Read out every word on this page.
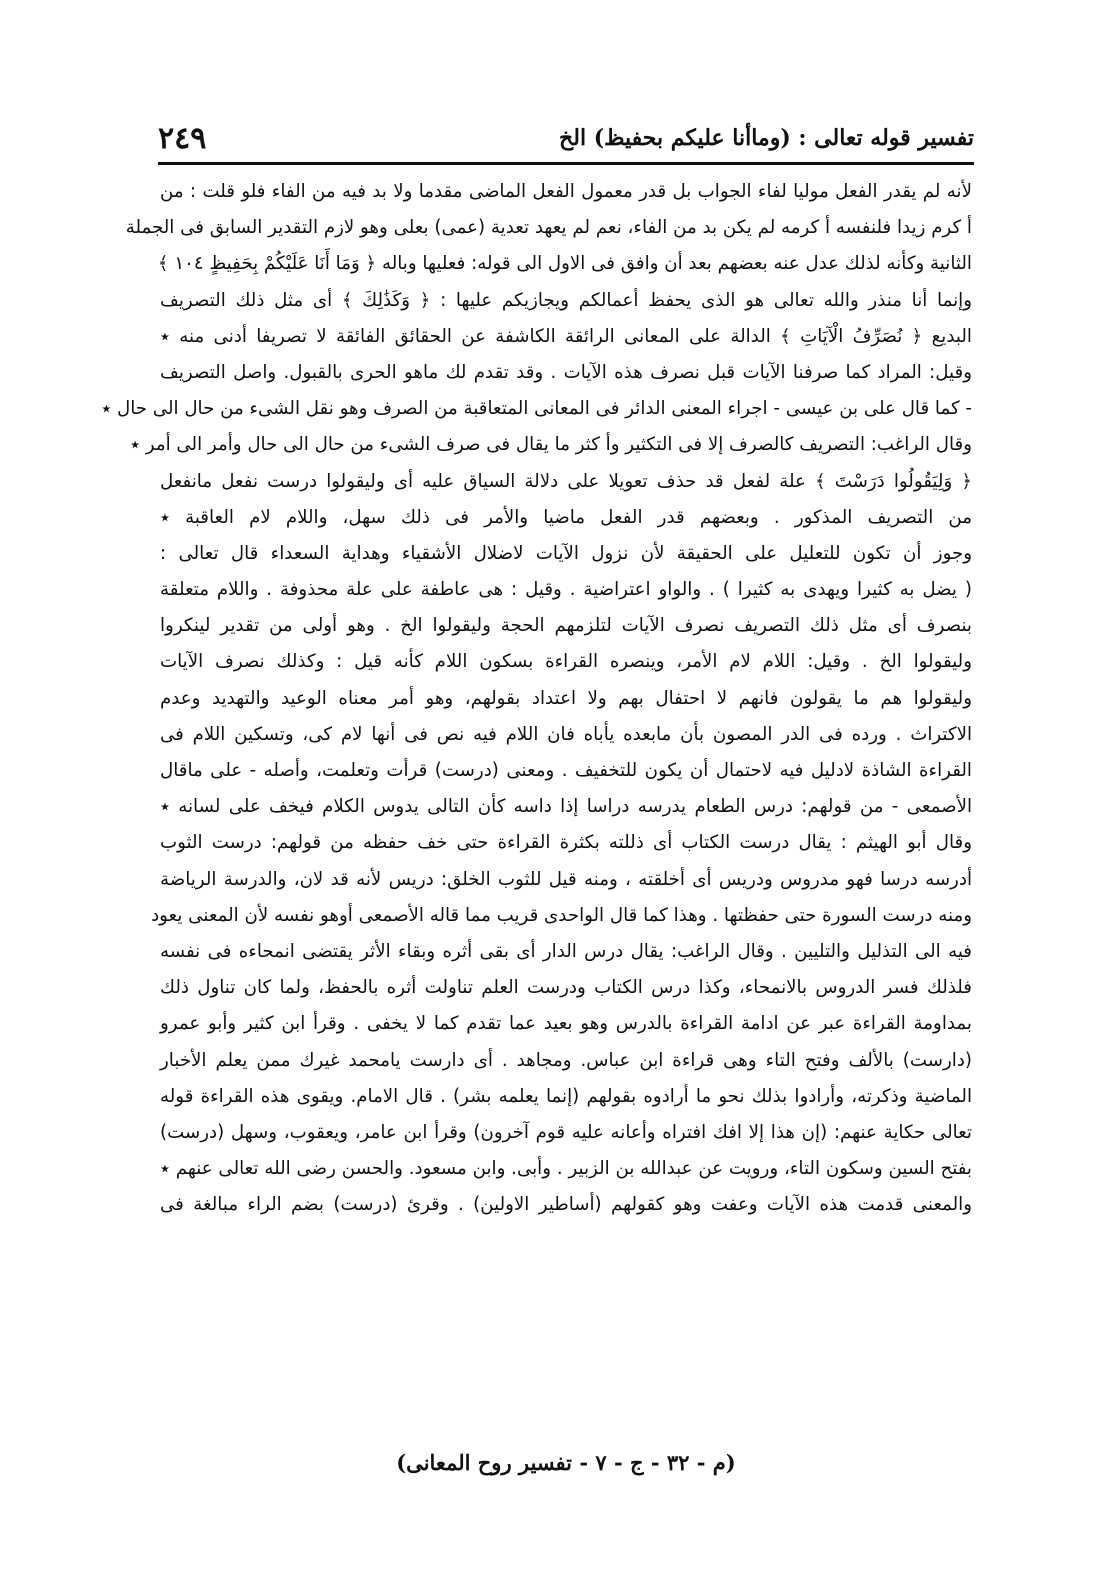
تفسير قوله تعالى : (وماأنا عليكم بحفيظ) الخ
٢٤٩
لأنه لم يقدر الفعل موليا لفاء الجواب بل قدر معمول الفعل الماضى مقدما ولا بد فيه من الفاء فلو قلت : من
أ كرم زيدا فلنفسه أ كرمه لم يكن بد من الفاء، نعم لم يعهد تعدية (عمى) بعلى وهو لازم التقدير السابق فى الجملة
الثانية وكأنه لذلك عدل عنه بعضهم بعد أن وافق فى الاول الى قوله: فعليها وباله ﴿ وَمَا أَنَا عَلَيْكُمْ بِحَفِيظٍ ١٠٤ ﴾
وإنما أنا منذر والله تعالى هو الذى يحفظ أعمالكم ويجازيكم عليها : ﴿ وَكَذَٰلِكَ ﴾ أى مثل ذلك التصريف
البديع ﴿ نُصَرِّفُ الْآيَاتِ ﴾ الدالة على المعانى الرائقة الكاشفة عن الحقائق الفائقة لا تصريفا أدنى منه ٭
وقيل: المراد كما صرفنا الآيات قبل نصرف هذه الآيات . وقد تقدم لك ماهو الحرى بالقبول. واصل التصريف
- كما قال على بن عيسى - اجراء المعنى الدائر فى المعانى المتعاقبة من الصرف وهو نقل الشىء من حال الى حال ٭
وقال الراغب: التصريف كالصرف إلا فى التكثير وأ كثر ما يقال فى صرف الشىء من حال الى حال وأمر الى أمر ٭
﴿ وَلِيَقُولُوا دَرَسْتَ ﴾ علة لفعل قد حذف تعويلا على دلالة السياق عليه أى وليقولوا درست نفعل مانفعل
من التصريف المذكور . وبعضهم قدر الفعل ماضيا والأمر فى ذلك سهل، واللام لام العاقبة ٭
وجوز أن تكون للتعليل على الحقيقة لأن نزول الآيات لاضلال الأشقياء وهداية السعداء قال تعالى :
( يضل به كثيرا ويهدى به كثيرا ) . والواو اعتراضية . وقيل : هى عاطفة على علة محذوفة . واللام متعلقة
بنصرف أى مثل ذلك التصريف نصرف الآيات لتلزمهم الحجة وليقولوا الخ . وهو أولى من تقدير لينكروا
وليقولوا الخ . وقيل: اللام لام الأمر، وينصره القراءة بسكون اللام كأنه قيل : وكذلك نصرف الآيات
وليقولوا هم ما يقولون فانهم لا احتفال بهم ولا اعتداد بقولهم، وهو أمر معناه الوعيد والتهديد وعدم
الاكتراث . ورده فى الدر المصون بأن مابعده يأباه فان اللام فيه نص فى أنها لام كى، وتسكين اللام فى
القراءة الشاذة لادليل فيه لاحتمال أن يكون للتخفيف . ومعنى (درست) قرأت وتعلمت، وأصله - على ماقال
الأصمعى - من قولهم: درس الطعام يدرسه دراسا إذا داسه كأن التالى يدوس الكلام فيخف على لسانه ٭
وقال أبو الهيثم : يقال درست الكتاب أى ذللته بكثرة القراءة حتى خف حفظه من قولهم: درست الثوب
أدرسه درسا فهو مدروس ودريس أى أخلقته ، ومنه قيل للثوب الخلق: دريس لأنه قد لان، والدرسة الرياضة
ومنه درست السورة حتى حفظتها . وهذا كما قال الواحدى قريب مما قاله الأصمعى أوهو نفسه لأن المعنى يعود
فيه الى التذليل والتليين . وقال الراغب: يقال درس الدار أى بقى أثره وبقاء الأثر يقتضى انمحاءه فى نفسه
فلذلك فسر الدروس بالانمحاء، وكذا درس الكتاب ودرست العلم تناولت أثره بالحفظ، ولما كان تناول ذلك
بمداومة القراءة عبر عن ادامة القراءة بالدرس وهو بعيد عما تقدم كما لا يخفى . وقرأ ابن كثير وأبو عمرو
(دارست) بالألف وفتح التاء وهى قراءة ابن عباس. ومجاهد . أى دارست يامحمد غيرك ممن يعلم الأخبار
الماضية وذكرته، وأرادوا بذلك نحو ما أرادوه بقولهم (إنما يعلمه بشر) . قال الامام. ويقوى هذه القراءة قوله
تعالى حكاية عنهم: (إن هذا إلا افك افتراه وأعانه عليه قوم آخرون) وقرأ ابن عامر، ويعقوب، وسهل (درست)
بفتح السين وسكون التاء، ورويت عن عبدالله بن الزبير . وأبى. وابن مسعود. والحسن رضى الله تعالى عنهم ٭
والمعنى قدمت هذه الآيات وعفت وهو كقولهم (أساطير الاولين) . وقرئ (درست) بضم الراء مبالغة فى
(م - ٣٢ - ج - ٧ - تفسير روح المعانى)
